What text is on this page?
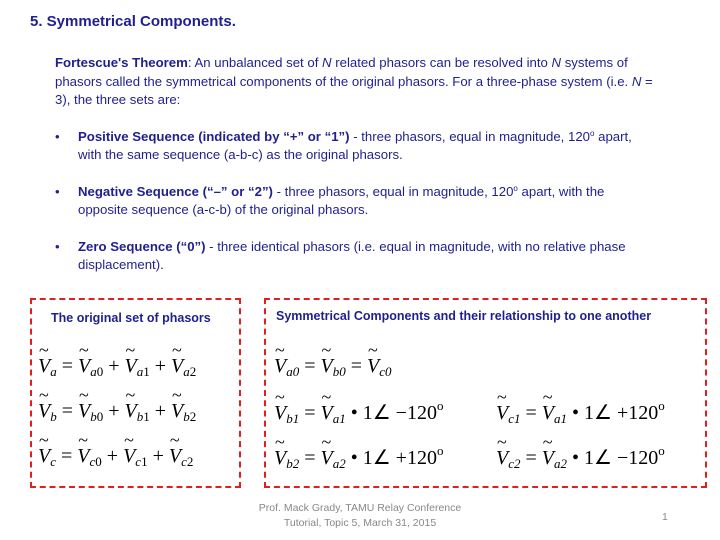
5. Symmetrical Components.

Fortescue's Theorem: An unbalanced set of N related phasors can be resolved into N systems of phasors called the symmetrical components of the original phasors. For a three-phase system (i.e. N = 3), the three sets are:

• Positive Sequence (indicated by “+” or “1”) - three phasors, equal in magnitude, 120$^o$ apart, with the same sequence (a-b-c) as the original phasors.

• Negative Sequence (“–” or “2”) - three phasors, equal in magnitude, 120$^o$ apart, with the opposite sequence (a-c-b) of the original phasors.

• Zero Sequence (“0”) - three identical phasors (i.e. equal in magnitude, with no relative phase displacement).

The original set of phasors	Symmetrical Components and their relationship to one another
~ $V_a$ = ~ $V_{a0}$ + ~ $V_{a1}$ + ~ $V_{a2}$
~ $V_b$ = ~ $V_{b0}$ + ~ $V_{b1}$ + ~ $V_{b2}$
~ $V_c$ = ~ $V_{c0}$ + ~ $V_{c1}$ + ~ $V_{c2}$
~ $V_{a0}$ = ~ $V_{b0}$ = ~ $V_{c0}$
~ $V_{b1}$ = ~ $V_{a1}$ • 1∠ $-120^o$	~ $V_{c1}$ = ~ $V_{a1}$ • 1∠ $+120^o$
~ $V_{b2}$ = ~ $V_{a2}$ • 1∠ $+120^o$	~ $V_{c2}$ = ~ $V_{a2}$ • 1∠ $-120^o$
Prof. Mack Grady, TAMU Relay Conference Tutorial, Topic 5, March 31, 2015	1
